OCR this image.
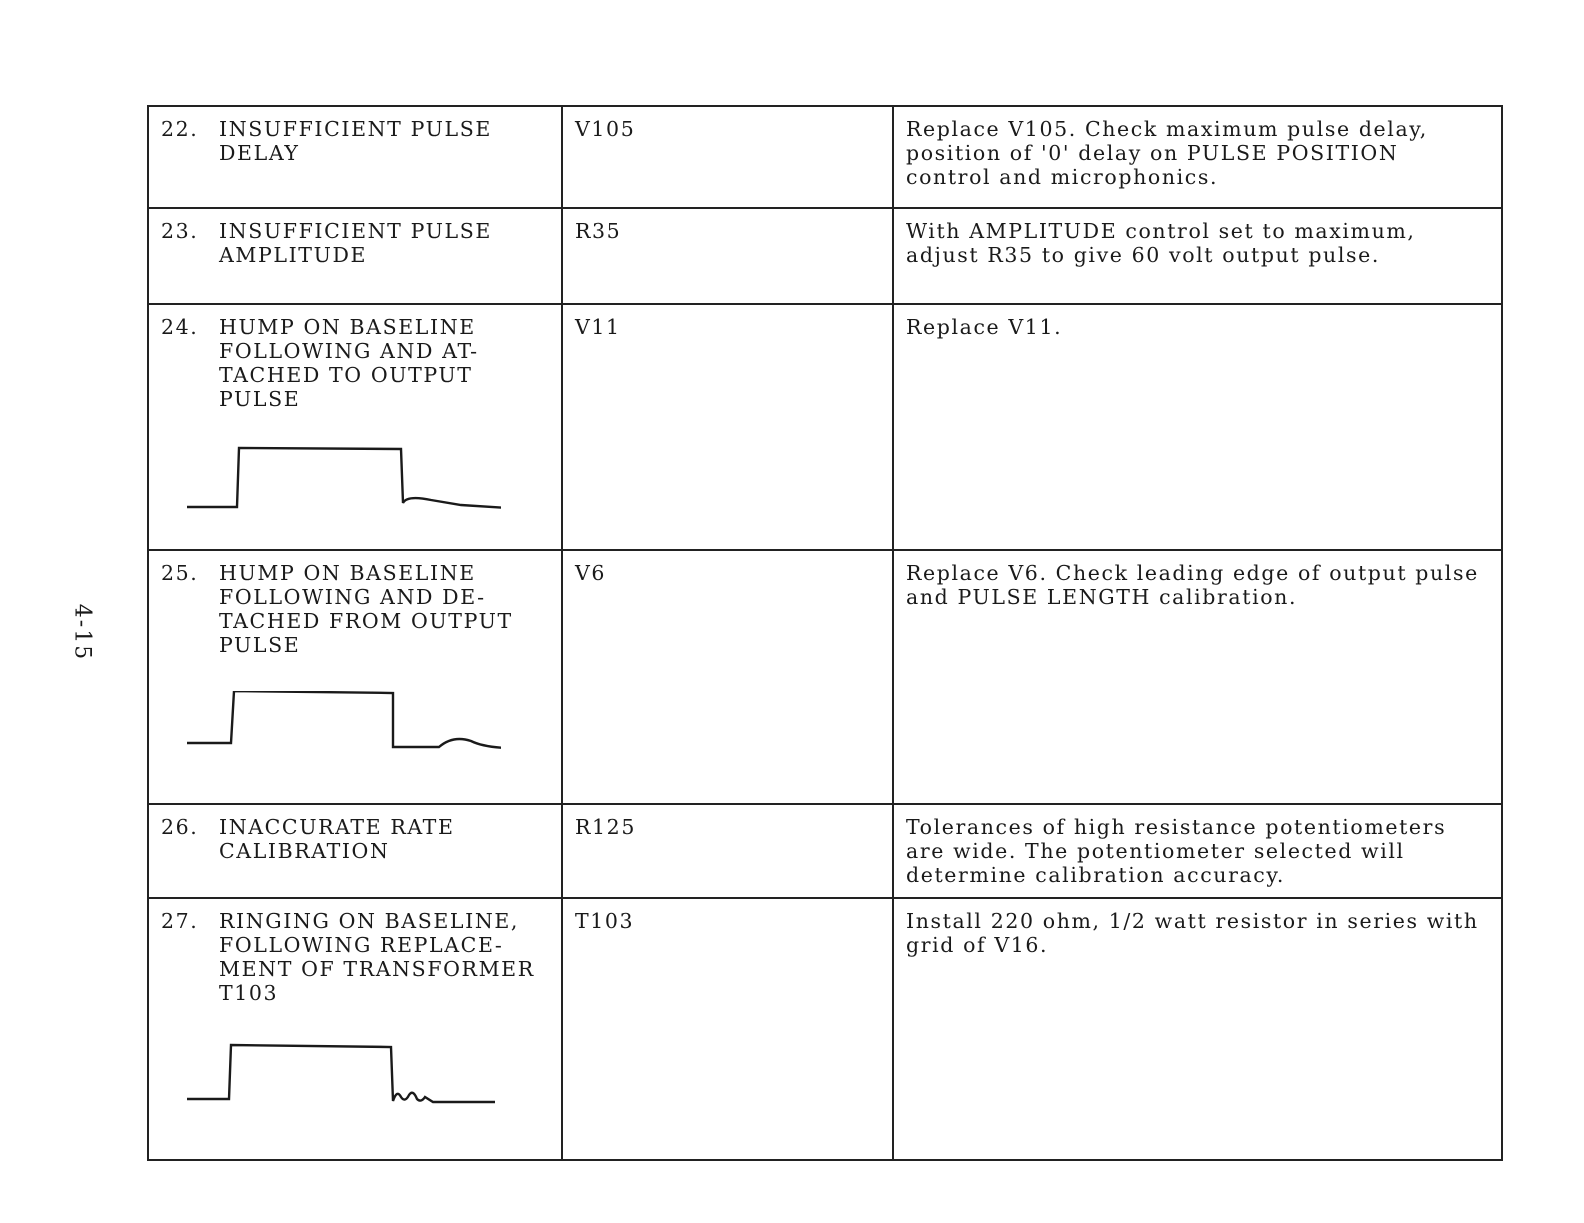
4-15
22. INSUFFICIENT PULSE
DELAY	V105	Replace V105. Check maximum pulse delay, position of '0' delay on PULSE POSITION control and microphonics.

23. INSUFFICIENT PULSE
AMPLITUDE	R35	With AMPLITUDE control set to maximum, adjust R35 to give 60 volt output pulse.

24. HUMP ON BASELINE
FOLLOWING AND AT-
TACHED TO OUTPUT
PULSE	V11	Replace V11.

25. HUMP ON BASELINE
FOLLOWING AND DE-
TACHED FROM OUTPUT
PULSE	V6	Replace V6. Check leading edge of output pulse and PULSE LENGTH calibration.

26. INACCURATE RATE
CALIBRATION	R125	Tolerances of high resistance potentiometers are wide. The potentiometer selected will determine calibration accuracy.

27. RINGING ON BASELINE,
FOLLOWING REPLACE-
MENT OF TRANSFORMER
T103	T103	Install 220 ohm, 1/2 watt resistor in series with grid of V16.
